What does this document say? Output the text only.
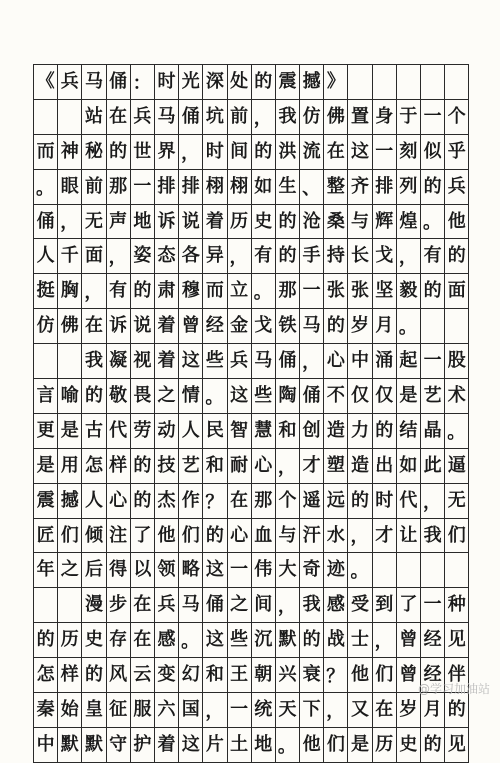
《 兵 马 俑 ： 时 光 深 处 的 震 撼 》
站 在 兵 马 俑 坑 前 ， 我 仿 佛 置 身 于 一 个
而 神 秘 的 世 界 ， 时 间 的 洪 流 在 这 一 刻 似 乎
。 眼 前 那 一 排 排 栩 栩 如 生 、 整 齐 排 列 的 兵
俑 ， 无 声 地 诉 说 着 历 史 的 沧 桑 与 辉 煌 。 他
人 千 面 ， 姿 态 各 异 ， 有 的 手 持 长 戈 ， 有 的
挺 胸 ， 有 的 肃 穆 而 立 。 那 一 张 张 坚 毅 的 面
仿 佛 在 诉 说 着 曾 经 金 戈 铁 马 的 岁 月 。
我 凝 视 着 这 些 兵 马 俑 ， 心 中 涌 起 一 股
言 喻 的 敬 畏 之 情 。 这 些 陶 俑 不 仅 仅 是 艺 术
更 是 古 代 劳 动 人 民 智 慧 和 创 造 力 的 结 晶 。
是 用 怎 样 的 技 艺 和 耐 心 ， 才 塑 造 出 如 此 逼
震 撼 人 心 的 杰 作 ？ 在 那 个 遥 远 的 时 代 ， 无
匠 们 倾 注 了 他 们 的 心 血 与 汗 水 ， 才 让 我 们
年 之 后 得 以 领 略 这 一 伟 大 奇 迹 。
漫 步 在 兵 马 俑 之 间 ， 我 感 受 到 了 一 种
的 历 史 存 在 感 。 这 些 沉 默 的 战 士 ， 曾 经 见
怎 样 的 风 云 变 幻 和 王 朝 兴 衰 ？ 他 们 曾 经 伴
秦 始 皇 征 服 六 国 ， 一 统 天 下 ， 又 在 岁 月 的
中 默 默 守 护 着 这 片 土 地 。 他 们 是 历 史 的 见
@学习加油站
